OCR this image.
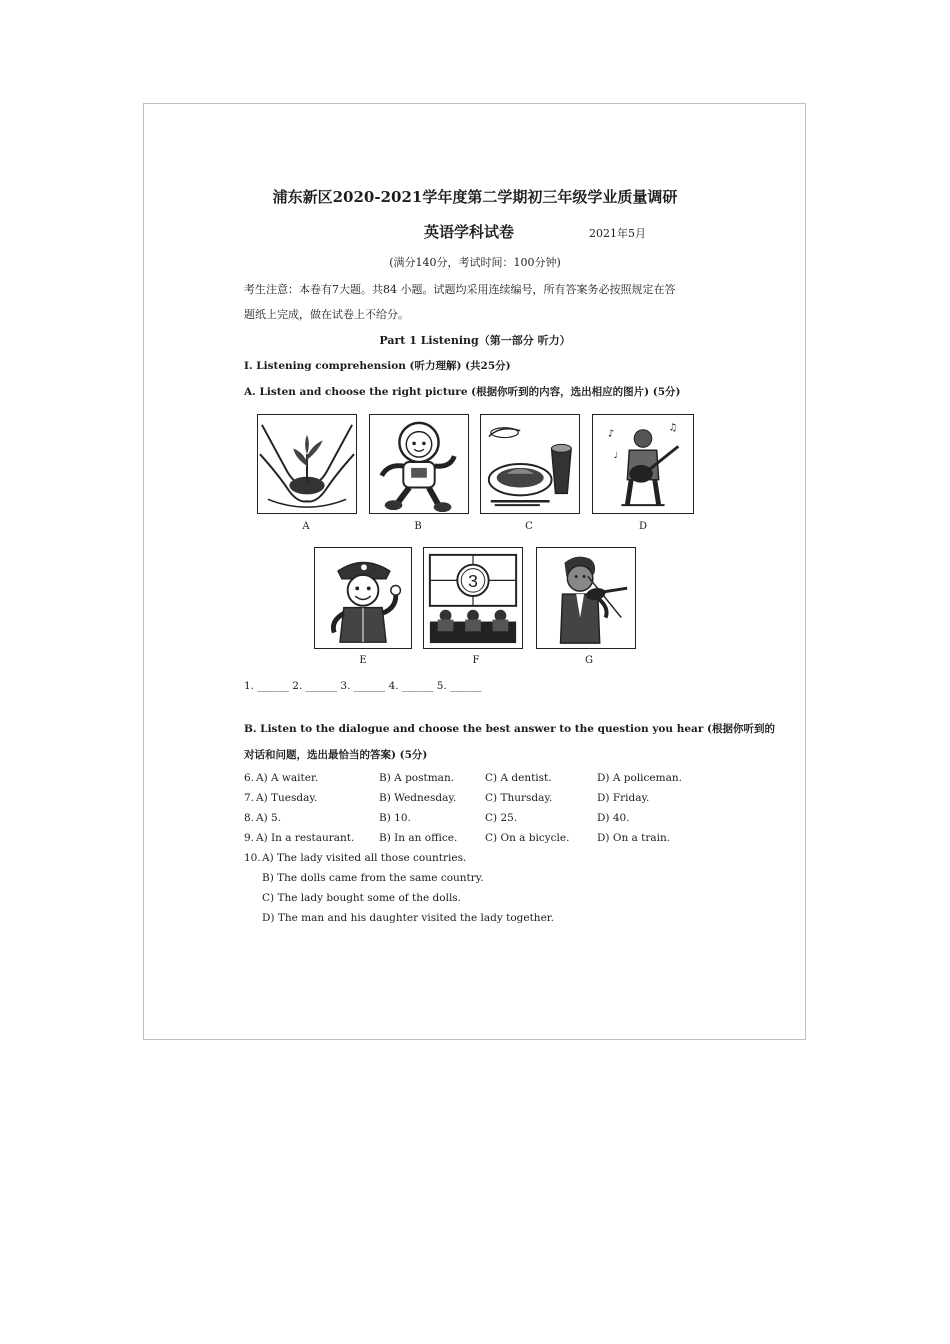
浦东新区2020-2021学年度第二学期初三年级学业质量调研
英语学科试卷	2021年5月
(满分140分，考试时间：100分钟)
考生注意：本卷有7大题。共84 小题。试题均采用连续编号，所有答案务必按照规定在答
题纸上完成，做在试卷上不给分。
Part 1 Listening（第一部分 听力）
I. Listening comprehension (听力理解) (共25分)
A. Listen and choose the right picture (根据你听到的内容，选出相应的图片) (5分)
A	B	C
♪
♫
♩
D
E
3
F	G
1. ______ 2. ______ 3. ______ 4. ______ 5. ______
B. Listen to the dialogue and choose the best answer to the question you hear (根据你听到的
对话和问题，选出最恰当的答案) (5分)
6. A) A waiter.	B) A postman.	C) A dentist.	D) A policeman.
7. A) Tuesday.	B) Wednesday.	C) Thursday.	D) Friday.
8. A) 5.	B) 10.	C) 25.	D) 40.
9. A) In a restaurant. B) In an office.	C) On a bicycle.	D) On a train.
10. A) The lady visited all those countries.
B) The dolls came from the same country.
C) The lady bought some of the dolls.
D) The man and his daughter visited the lady together.
